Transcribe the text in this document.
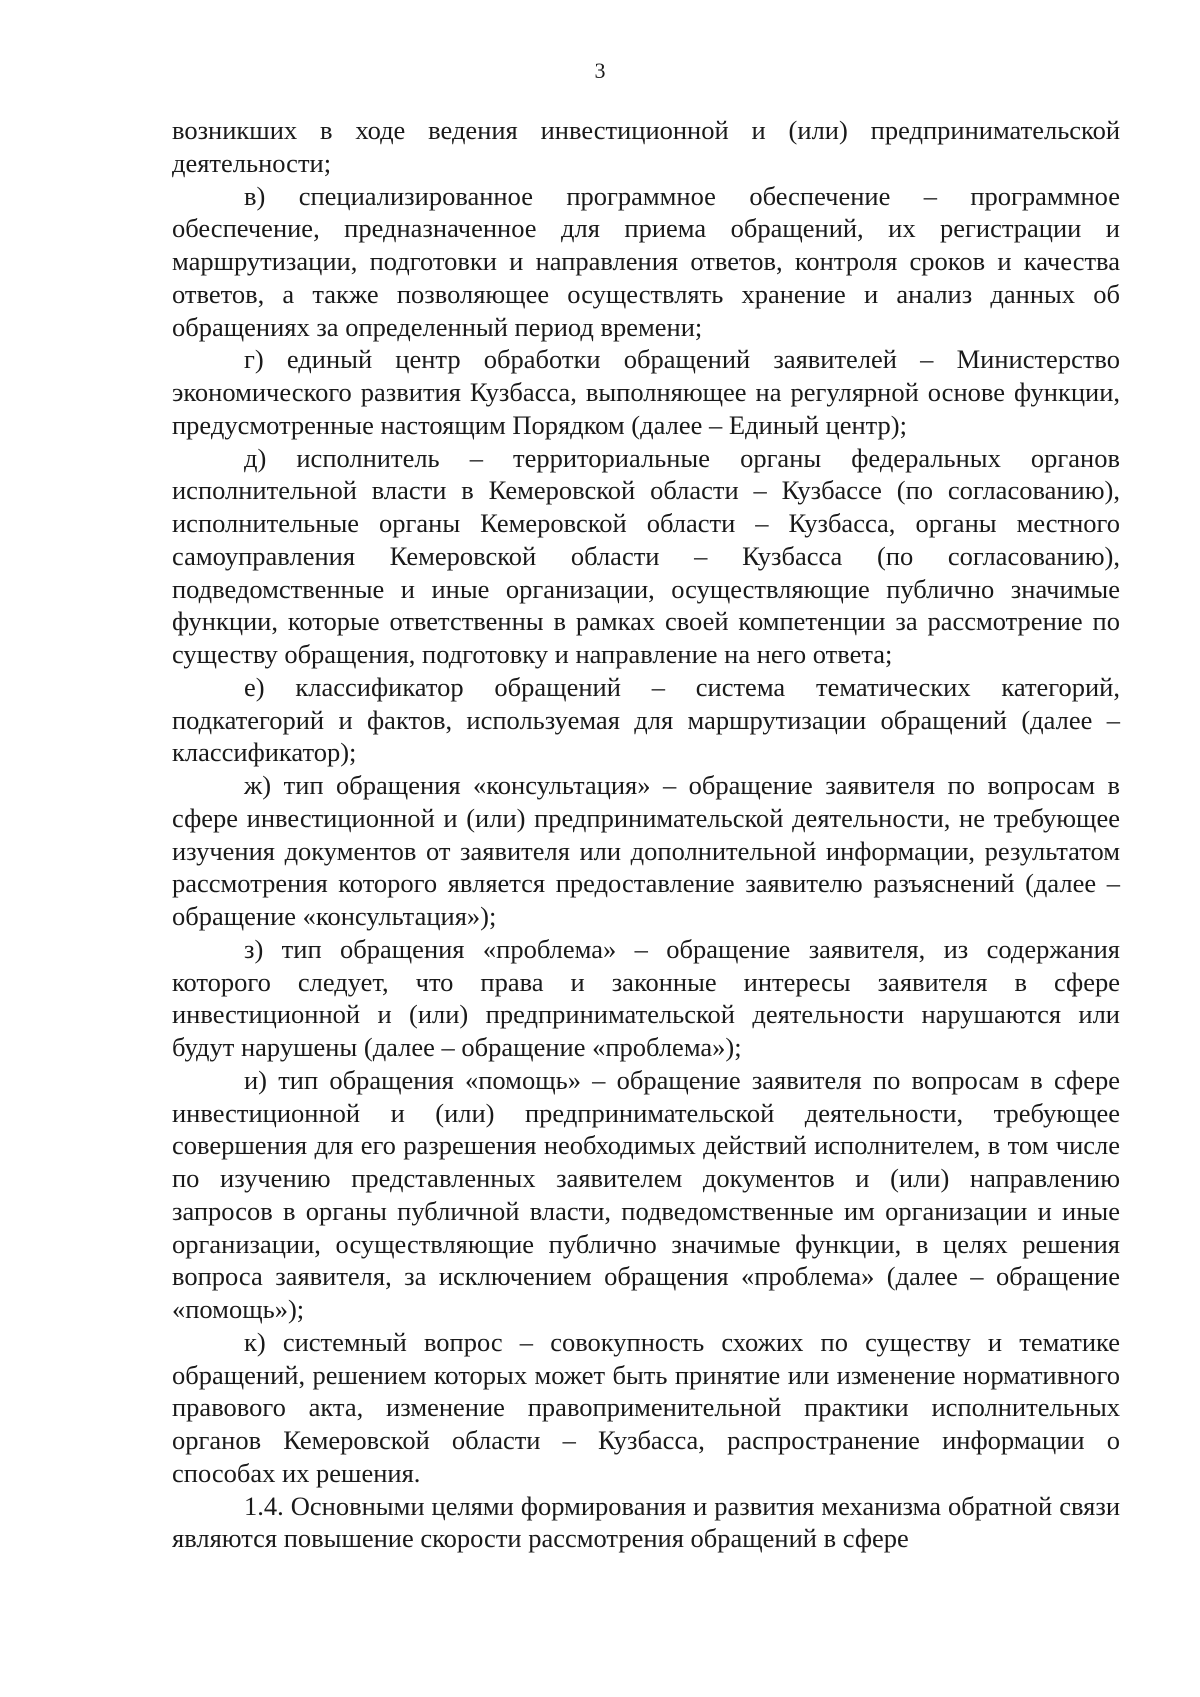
3

возникших в ходе ведения инвестиционной и (или) предпринимательской деятельности;

в) специализированное программное обеспечение – программное обеспечение, предназначенное для приема обращений, их регистрации и маршрутизации, подготовки и направления ответов, контроля сроков и качества ответов, а также позволяющее осуществлять хранение и анализ данных об обращениях за определенный период времени;

г) единый центр обработки обращений заявителей – Министерство экономического развития Кузбасса, выполняющее на регулярной основе функции, предусмотренные настоящим Порядком (далее – Единый центр);

д) исполнитель – территориальные органы федеральных органов исполнительной власти в Кемеровской области – Кузбассе (по согласованию), исполнительные органы Кемеровской области – Кузбасса, органы местного самоуправления Кемеровской области – Кузбасса (по согласованию), подведомственные и иные организации, осуществляющие публично значимые функции, которые ответственны в рамках своей компетенции за рассмотрение по существу обращения, подготовку и направление на него ответа;

е) классификатор обращений – система тематических категорий, подкатегорий и фактов, используемая для маршрутизации обращений (далее – классификатор);

ж) тип обращения «консультация» – обращение заявителя по вопросам в сфере инвестиционной и (или) предпринимательской деятельности, не требующее изучения документов от заявителя или дополнительной информации, результатом рассмотрения которого является предоставление заявителю разъяснений (далее – обращение «консультация»);

з) тип обращения «проблема» – обращение заявителя, из содержания которого следует, что права и законные интересы заявителя в сфере инвестиционной и (или) предпринимательской деятельности нарушаются или будут нарушены (далее – обращение «проблема»);

и) тип обращения «помощь» – обращение заявителя по вопросам в сфере инвестиционной и (или) предпринимательской деятельности, требующее совершения для его разрешения необходимых действий исполнителем, в том числе по изучению представленных заявителем документов и (или) направлению запросов в органы публичной власти, подведомственные им организации и иные организации, осуществляющие публично значимые функции, в целях решения вопроса заявителя, за исключением обращения «проблема» (далее – обращение «помощь»);

к) системный вопрос – совокупность схожих по существу и тематике обращений, решением которых может быть принятие или изменение нормативного правового акта, изменение правоприменительной практики исполнительных органов Кемеровской области – Кузбасса, распространение информации о способах их решения.

1.4. Основными целями формирования и развития механизма обратной связи являются повышение скорости рассмотрения обращений в сфере
